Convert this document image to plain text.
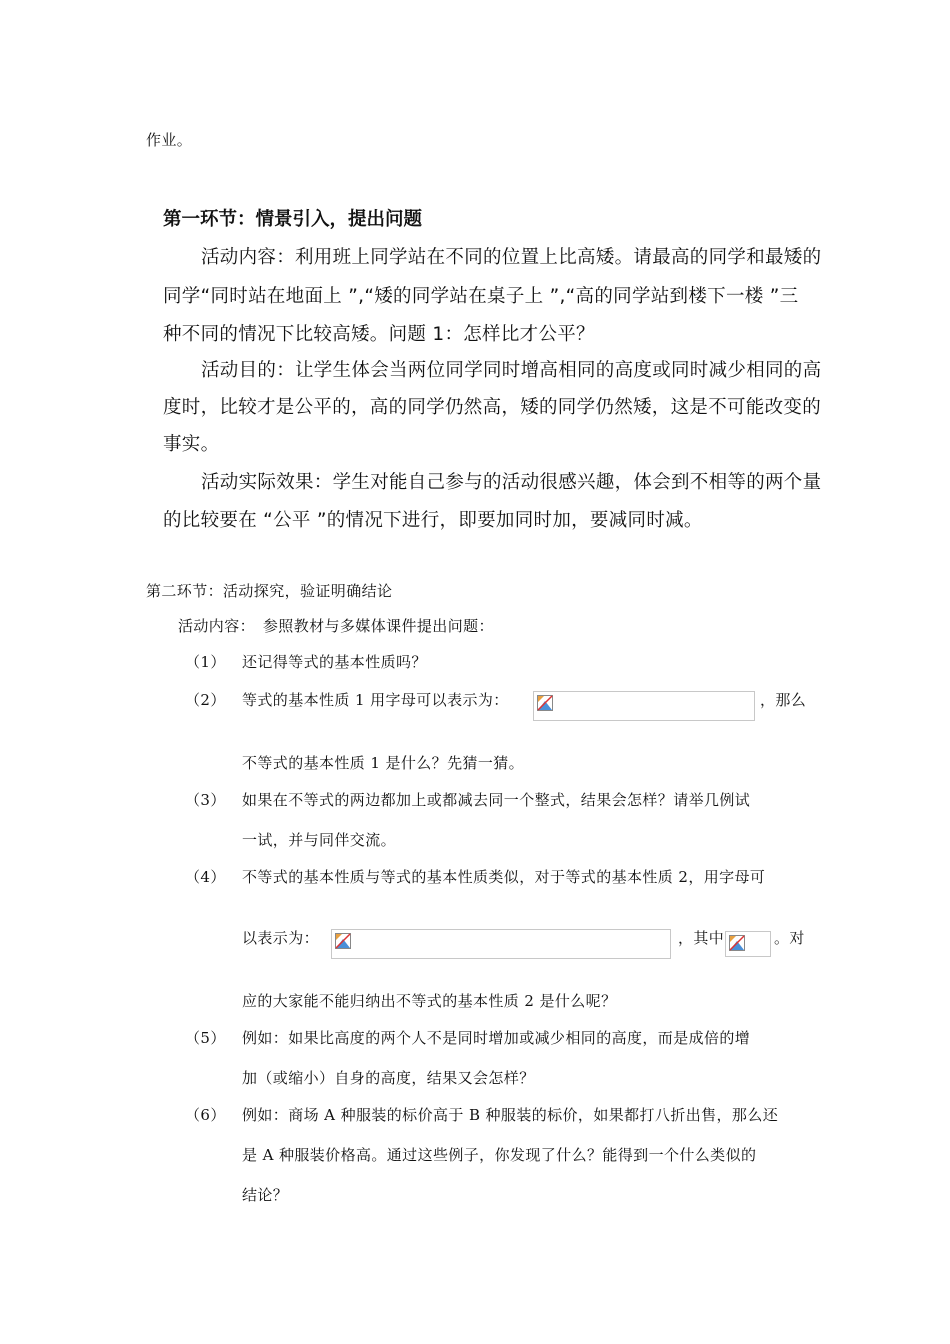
作业。
第一环节：情景引入，提出问题
活动内容：利用班上同学站在不同的位置上比高矮。请最高的同学和最矮的
同学“同时站在地面上 ”,“矮的同学站在桌子上 ”,“高的同学站到楼下一楼 ”三
种不同的情况下比较高矮。问题 1：怎样比才公平？
活动目的：让学生体会当两位同学同时增高相同的高度或同时减少相同的高
度时，比较才是公平的，高的同学仍然高，矮的同学仍然矮，这是不可能改变的
事实。
活动实际效果：学生对能自己参与的活动很感兴趣，体会到不相等的两个量
的比较要在 “公平 ”的情况下进行，即要加同时加，要减同时减。
第二环节：活动探究，验证明确结论
活动内容：　参照教材与多媒体课件提出问题：
（1） 还记得等式的基本性质吗？
（2） 等式的基本性质 1 用字母可以表示为：	，那么
不等式的基本性质 1 是什么？先猜一猜。
（3） 如果在不等式的两边都加上或都减去同一个整式，结果会怎样？请举几例试
一试，并与同伴交流。
（4） 不等式的基本性质与等式的基本性质类似，对于等式的基本性质 2，用字母可
以表示为：	，其中	。对
应的大家能不能归纳出不等式的基本性质 2 是什么呢？
（5） 例如：如果比高度的两个人不是同时增加或减少相同的高度，而是成倍的增
加（或缩小）自身的高度，结果又会怎样？
（6） 例如：商场 A 种服装的标价高于 B 种服装的标价，如果都打八折出售，那么还
是 A 种服装价格高。通过这些例子，你发现了什么？能得到一个什么类似的
结论？
